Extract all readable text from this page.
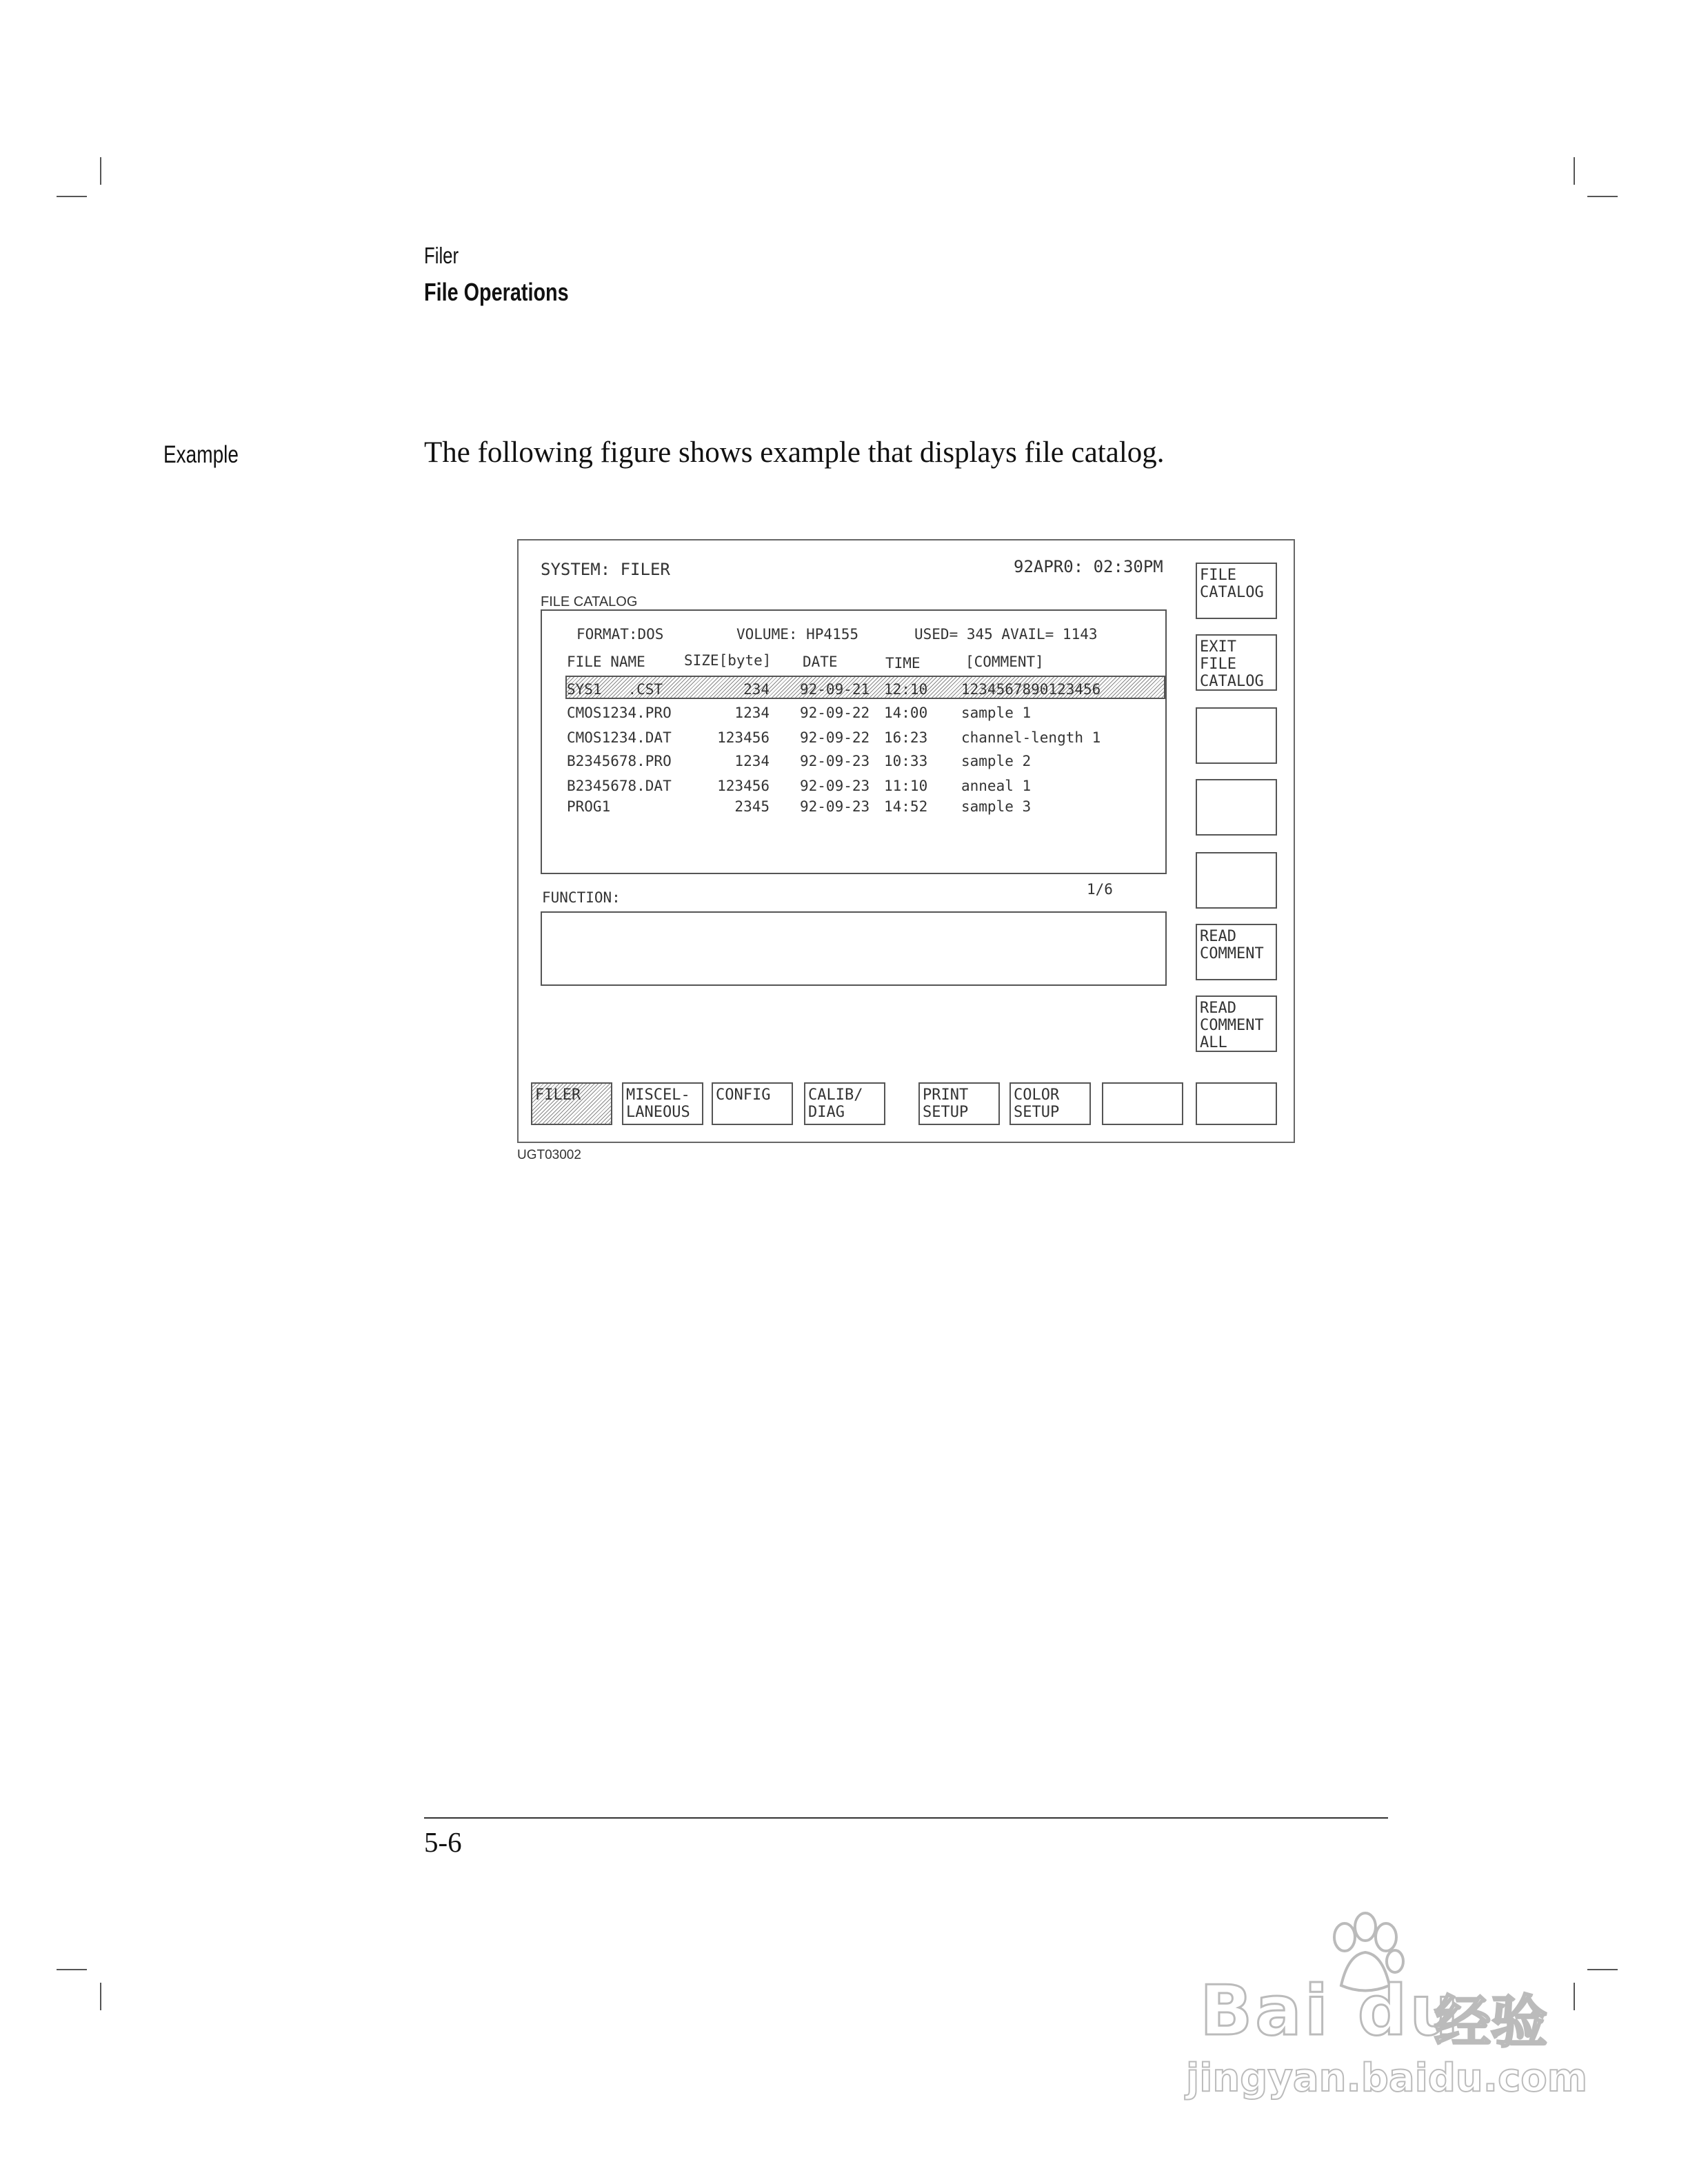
Filer
File Operations
Example	The following figure shows example that displays file catalog.
SYSTEM: FILER	92APR0: 02:30PM
FILE CATALOG
FORMAT:DOS	VOLUME: HP4155	USED= 345 AVAIL= 1143
FILE NAME	SIZE[byte] DATE	TIME	[COMMENT]
SYS1   .CST	234 92-09-21 12:10 1234567890123456
CMOS1234.PRO	1234 92-09-22 14:00 sample 1
CMOS1234.DAT	123456 92-09-22 16:23 channel-length 1
B2345678.PRO	1234 92-09-23 10:33 sample 2
B2345678.DAT	123456 92-09-23 11:10 anneal 1
PROG1	2345 92-09-23 14:52 sample 3
1/6
FUNCTION:
FILE
CATALOG
EXIT
FILE
CATALOG
READ
COMMENT
READ
COMMENT
ALL
FILER	MISCEL-
LANEOUS
CONFIG	CALIB/
DIAG
PRINT
SETUP
COLOR
SETUP
UGT03002
5-6
Bai du
经验
jingyan.baidu.com
